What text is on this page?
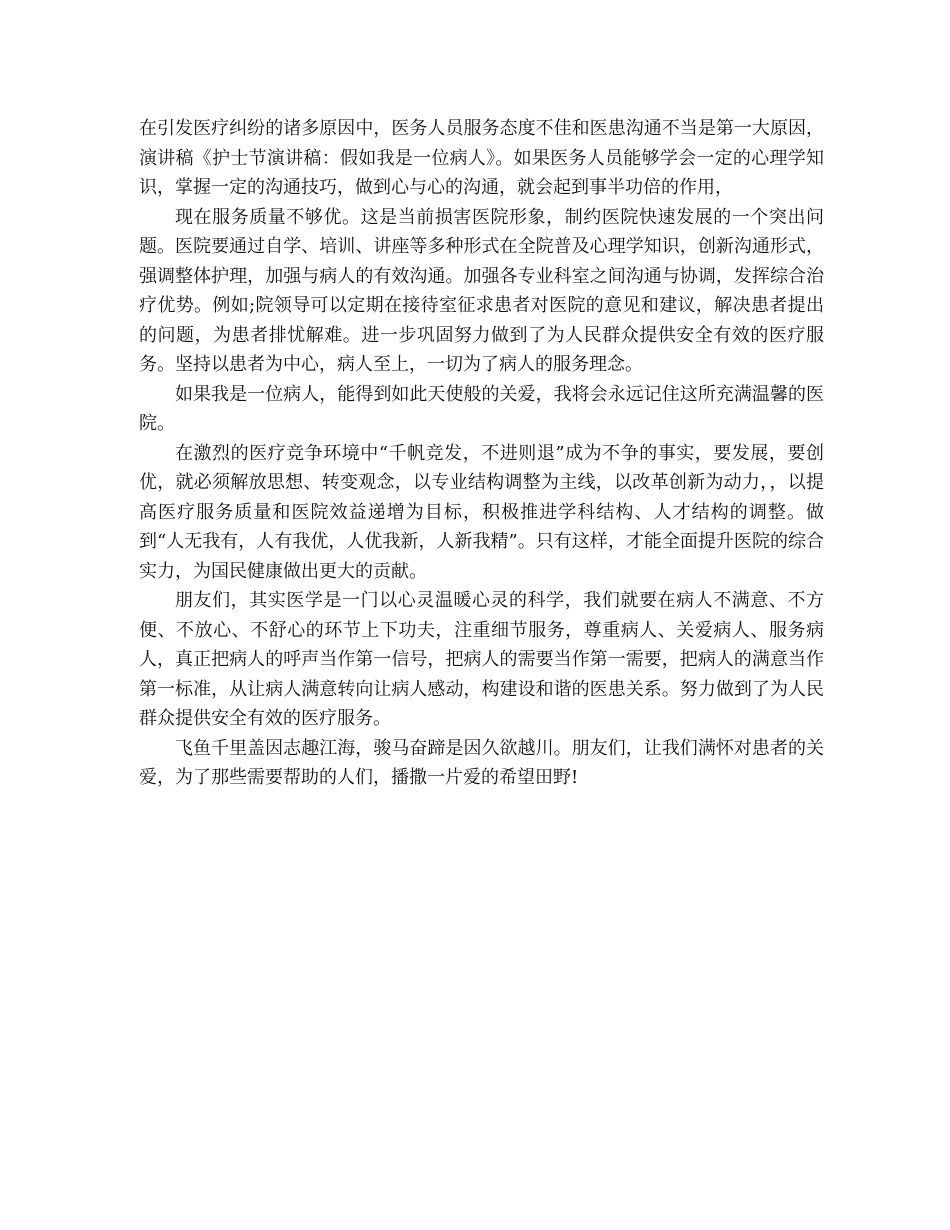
在引发医疗纠纷的诸多原因中，医务人员服务态度不佳和医患沟通不当是第一大原因，演讲稿《护士节演讲稿：假如我是一位病人》。如果医务人员能够学会一定的心理学知识，掌握一定的沟通技巧，做到心与心的沟通，就会起到事半功倍的作用，

现在服务质量不够优。这是当前损害医院形象，制约医院快速发展的一个突出问题。医院要通过自学、培训、讲座等多种形式在全院普及心理学知识，创新沟通形式，强调整体护理，加强与病人的有效沟通。加强各专业科室之间沟通与协调，发挥综合治疗优势。例如;院领导可以定期在接待室征求患者对医院的意见和建议，解决患者提出的问题，为患者排忧解难。进一步巩固努力做到了为人民群众提供安全有效的医疗服务。坚持以患者为中心，病人至上，一切为了病人的服务理念。

如果我是一位病人，能得到如此天使般的关爱，我将会永远记住这所充满温馨的医院。

在激烈的医疗竞争环境中“千帆竞发，不进则退”成为不争的事实，要发展，要创优，就必须解放思想、转变观念，以专业结构调整为主线，以改革创新为动力，，以提高医疗服务质量和医院效益递增为目标，积极推进学科结构、人才结构的调整。做到“人无我有，人有我优，人优我新，人新我精”。只有这样，才能全面提升医院的综合实力，为国民健康做出更大的贡献。

朋友们，其实医学是一门以心灵温暖心灵的科学，我们就要在病人不满意、不方便、不放心、不舒心的环节上下功夫，注重细节服务，尊重病人、关爱病人、服务病人，真正把病人的呼声当作第一信号，把病人的需要当作第一需要，把病人的满意当作第一标准，从让病人满意转向让病人感动，构建设和谐的医患关系。努力做到了为人民群众提供安全有效的医疗服务。

飞鱼千里盖因志趣江海，骏马奋蹄是因久欲越川。朋友们，让我们满怀对患者的关爱，为了那些需要帮助的人们，播撒一片爱的希望田野!
